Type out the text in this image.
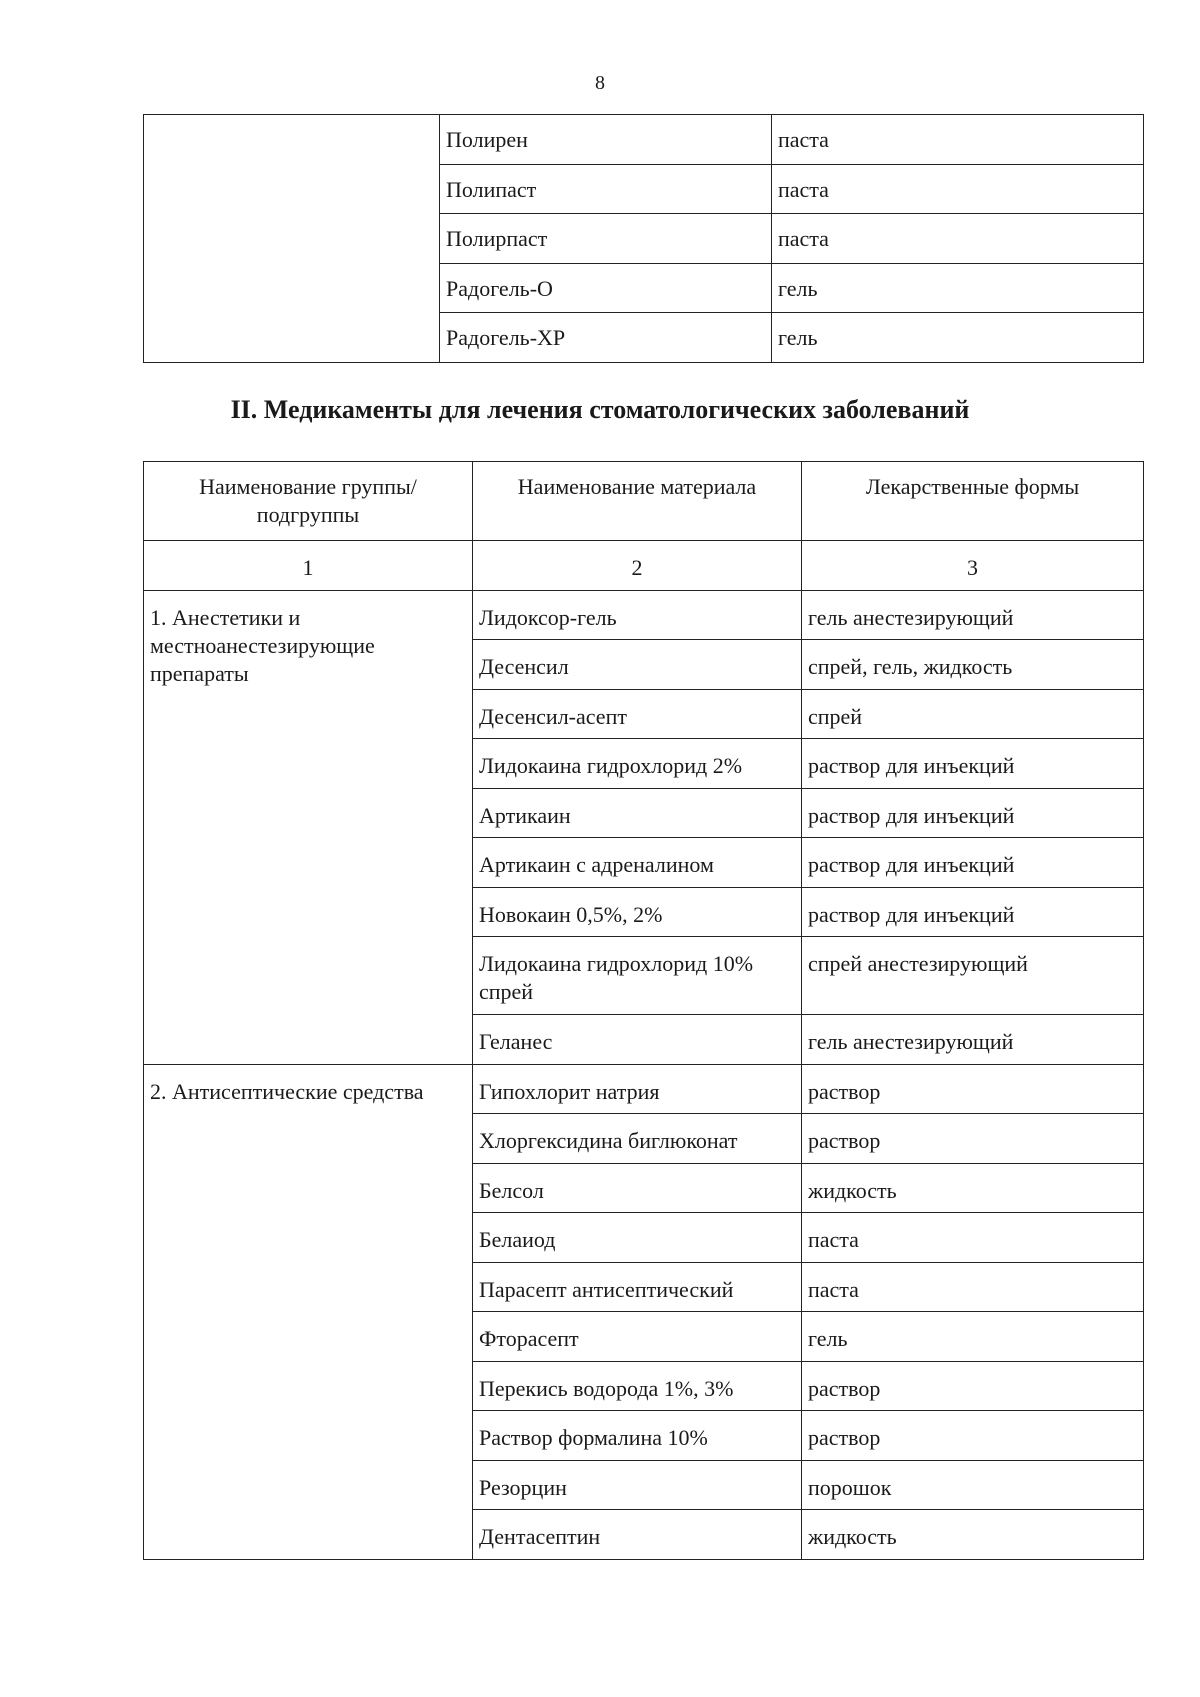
8
	Полирен	паста
	Полипаст	паста
	Полирпаст	паста
	Радогель-О	гель
	Радогель-ХР	гель
II. Медикаменты для лечения стоматологических заболеваний
Наименование группы/подгруппы	Наименование материала	Лекарственные формы
1	2	3
1. Анестетики и местноанестезирующие препараты	Лидоксор-гель	гель анестезирующий
	Десенсил	спрей, гель, жидкость
	Десенсил-асепт	спрей
	Лидокаина гидрохлорид 2%	раствор для инъекций
	Артикаин	раствор для инъекций
	Артикаин с адреналином	раствор для инъекций
	Новокаин 0,5%, 2%	раствор для инъекций
	Лидокаина гидрохлорид 10% спрей	спрей анестезирующий
	Геланес	гель анестезирующий
2. Антисептические средства	Гипохлорит натрия	раствор
	Хлоргексидина биглюконат	раствор
	Белсол	жидкость
	Белаиод	паста
	Парасепт антисептический	паста
	Фторасепт	гель
	Перекись водорода 1%, 3%	раствор
	Раствор формалина 10%	раствор
	Резорцин	порошок
	Дентасептин	жидкость
